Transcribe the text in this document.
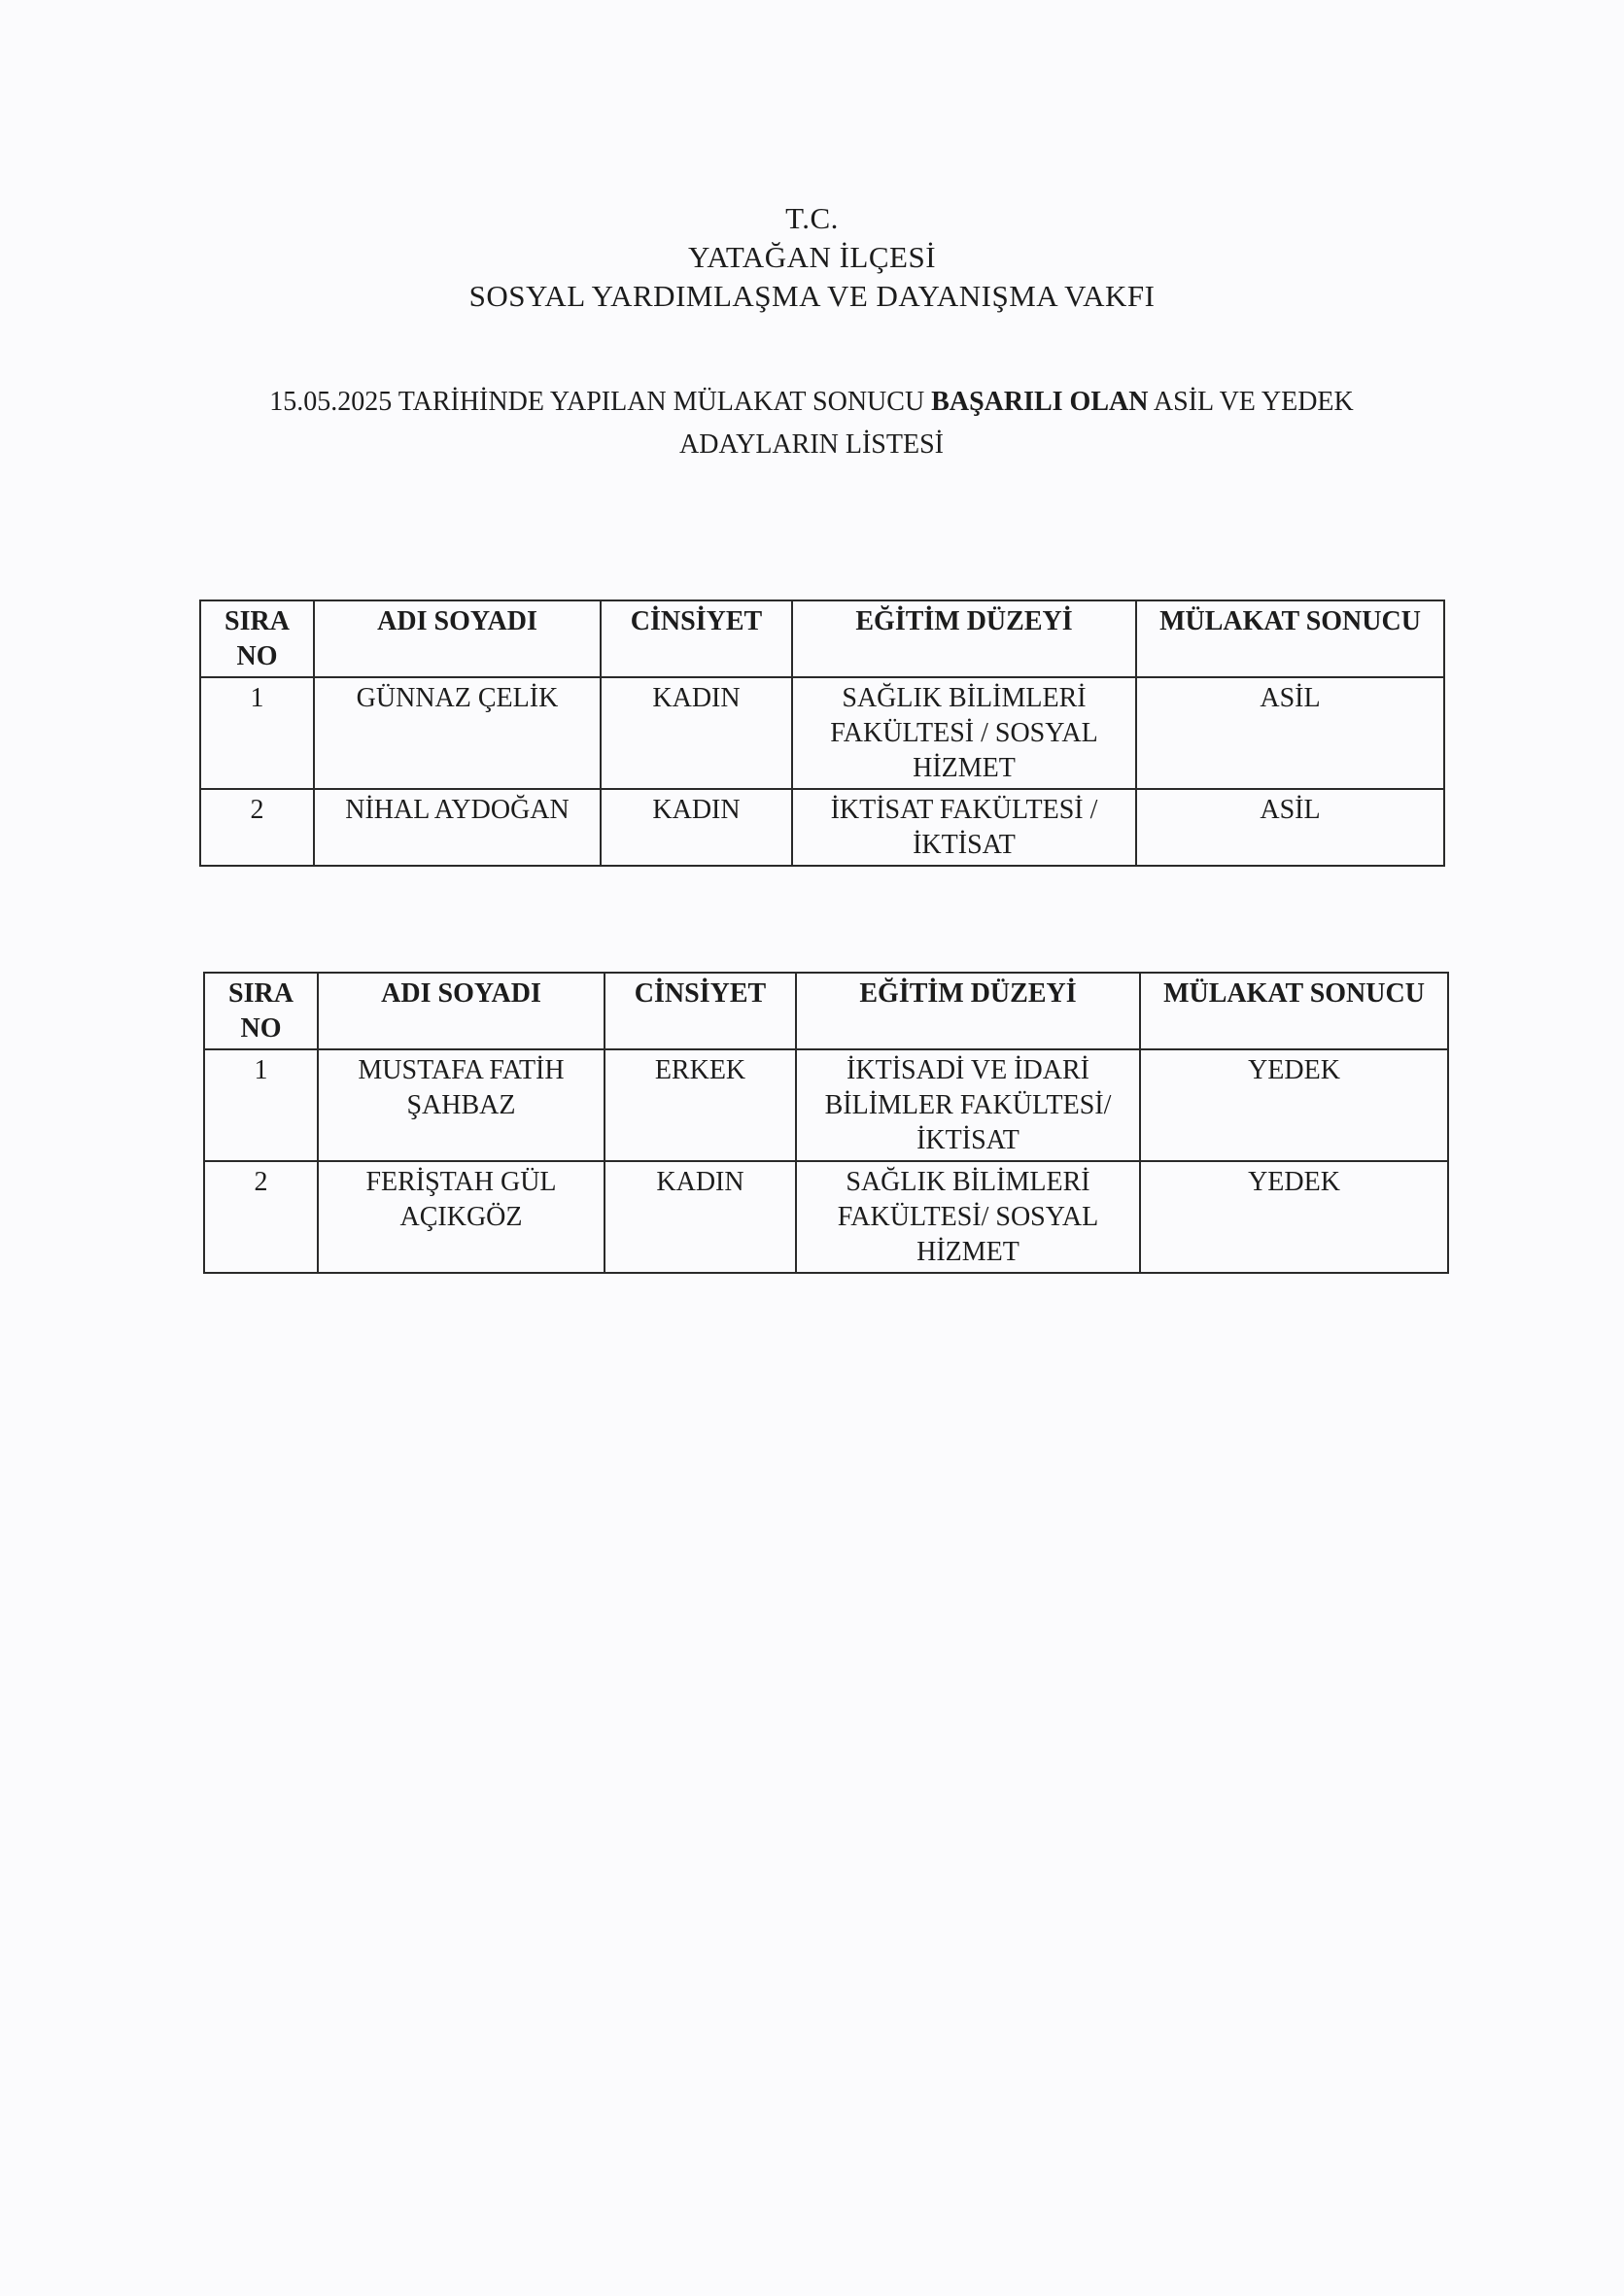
T.C.
YATAĞAN İLÇESİ
SOSYAL YARDIMLAŞMA VE DAYANIŞMA VAKFI
15.05.2025 TARİHİNDE YAPILAN MÜLAKAT SONUCU BAŞARILI OLAN ASİL VE YEDEK ADAYLARIN LİSTESİ
SIRA NO	ADI SOYADI	CİNSİYET	EĞİTİM DÜZEYİ	MÜLAKAT SONUCU
1	GÜNNAZ ÇELİK	KADIN	SAĞLIK BİLİMLERİ FAKÜLTESİ / SOSYAL HİZMET	ASİL
2	NİHAL AYDOĞAN	KADIN	İKTİSAT FAKÜLTESİ / İKTİSAT	ASİL
SIRA NO	ADI SOYADI	CİNSİYET	EĞİTİM DÜZEYİ	MÜLAKAT SONUCU
1	MUSTAFA FATİH ŞAHBAZ	ERKEK	İKTİSADİ VE İDARİ BİLİMLER FAKÜLTESİ/ İKTİSAT	YEDEK
2	FERİŞTAH GÜL AÇIKGÖZ	KADIN	SAĞLIK BİLİMLERİ FAKÜLTESİ/ SOSYAL HİZMET	YEDEK
